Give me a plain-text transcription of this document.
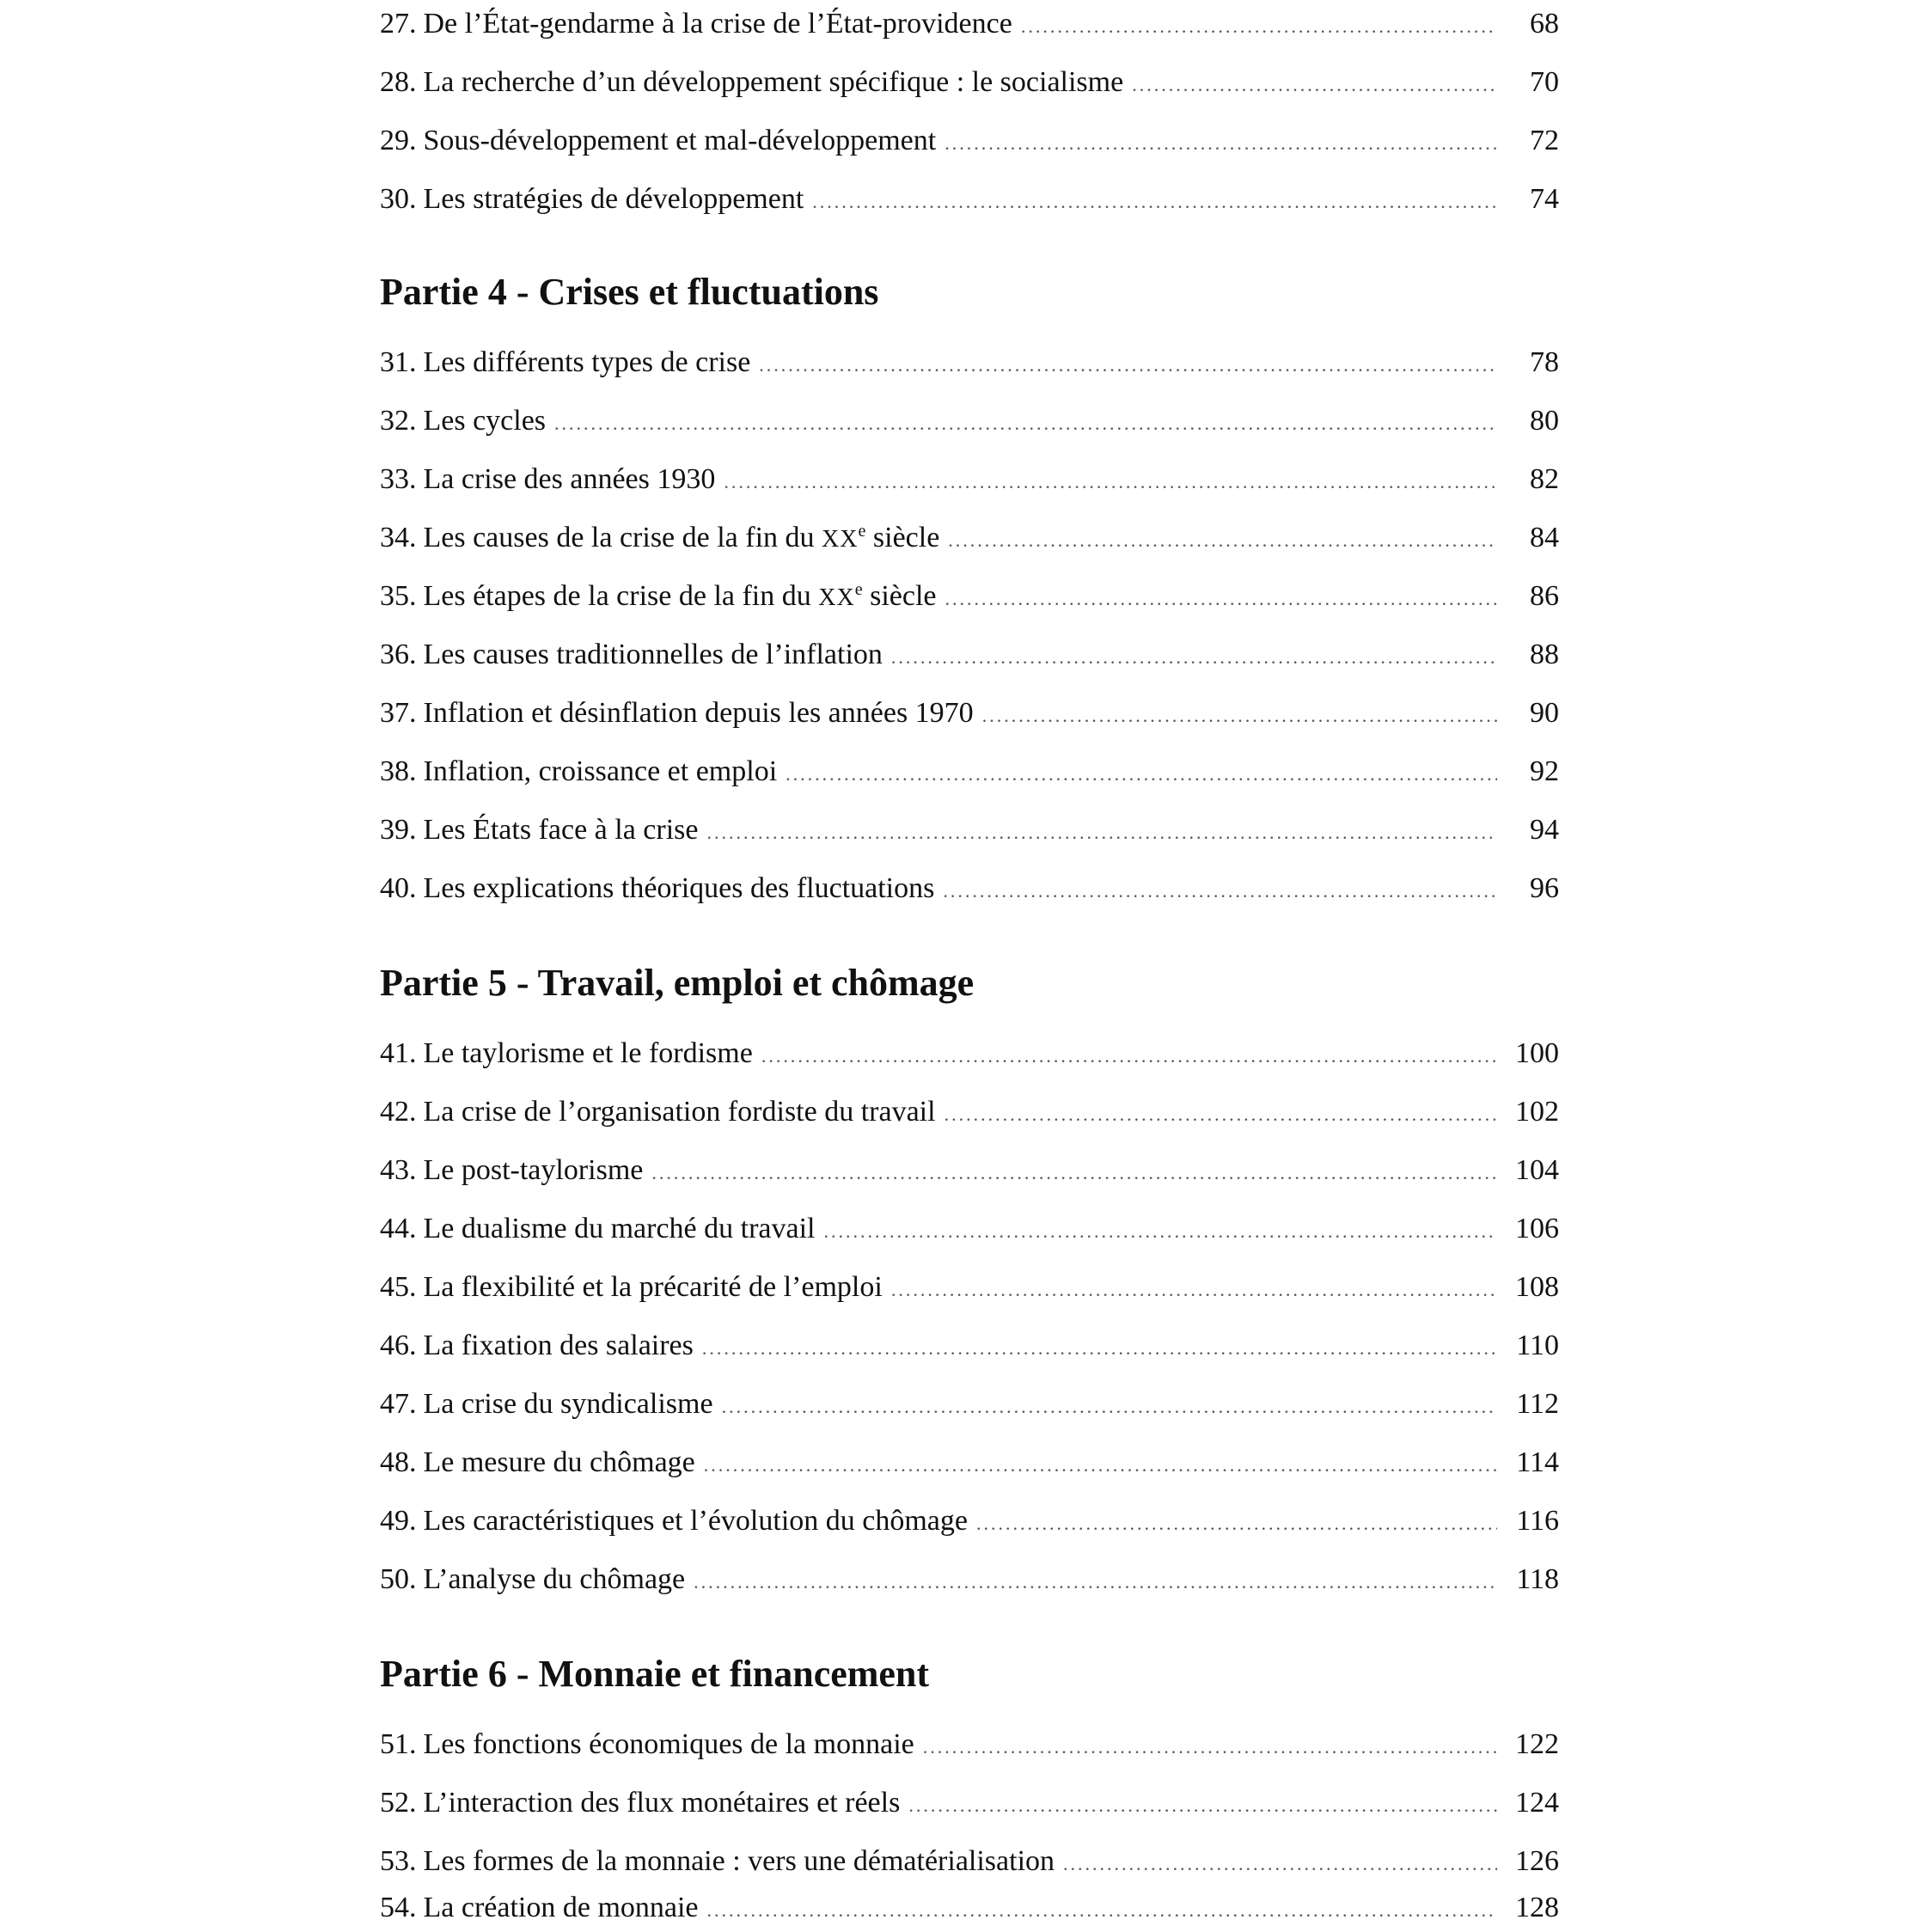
27. De l’État-gendarme à la crise de l’État-providence .....	68
28. La recherche d’un développement spécifique : le socialisme .....	70
29. Sous-développement et mal-développement .....	72
30. Les stratégies de développement .....	74
Partie 4 - Crises et fluctuations
31. Les différents types de crise .....	78
32. Les cycles .....	80
33. La crise des années 1930 .....	82
34. Les causes de la crise de la fin du XXe siècle .....	84
35. Les étapes de la crise de la fin du XXe siècle .....	86
36. Les causes traditionnelles de l’inflation .....	88
37. Inflation et désinflation depuis les années 1970 .....	90
38. Inflation, croissance et emploi .....	92
39. Les États face à la crise .....	94
40. Les explications théoriques des fluctuations .....	96
Partie 5 - Travail, emploi et chômage
41. Le taylorisme et le fordisme .....	100
42. La crise de l’organisation fordiste du travail .....	102
43. Le post-taylorisme .....	104
44. Le dualisme du marché du travail .....	106
45. La flexibilité et la précarité de l’emploi .....	108
46. La fixation des salaires .....	110
47. La crise du syndicalisme .....	112
48. Le mesure du chômage .....	114
49. Les caractéristiques et l’évolution du chômage .....	116
50. L’analyse du chômage .....	118
Partie 6 - Monnaie et financement
51. Les fonctions économiques de la monnaie .....	122
52. L’interaction des flux monétaires et réels .....	124
53. Les formes de la monnaie : vers une dématérialisation .....	126
54. La création de monnaie .....	128
